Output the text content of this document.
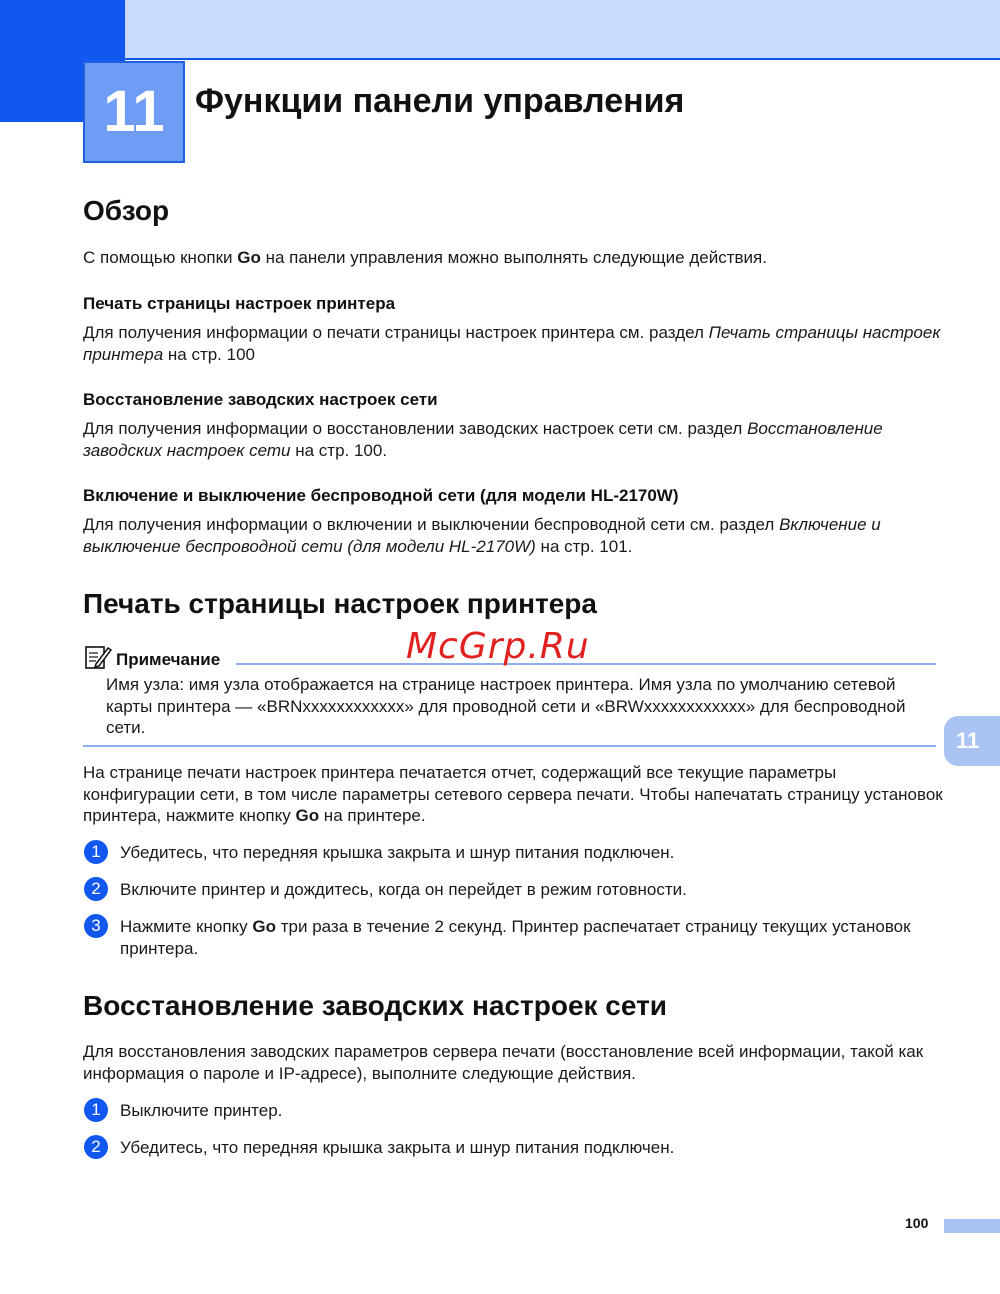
11 Функции панели управления
Обзор
С помощью кнопки Go на панели управления можно выполнять следующие действия.
Печать страницы настроек принтера
Для получения информации о печати страницы настроек принтера см. раздел Печать страницы настроек принтера на стр. 100
Восстановление заводских настроек сети
Для получения информации о восстановлении заводских настроек сети см. раздел Восстановление заводских настроек сети на стр. 100.
Включение и выключение беспроводной сети (для модели HL-2170W)
Для получения информации о включении и выключении беспроводной сети см. раздел Включение и выключение беспроводной сети (для модели HL-2170W) на стр. 101.
Печать страницы настроек принтера
Примечание	McGrp.Ru
Имя узла: имя узла отображается на странице настроек принтера. Имя узла по умолчанию сетевой карты принтера — «BRNxxxxxxxxxxxx» для проводной сети и «BRWxxxxxxxxxxxx» для беспроводной сети.
11
На странице печати настроек принтера печатается отчет, содержащий все текущие параметры конфигурации сети, в том числе параметры сетевого сервера печати. Чтобы напечатать страницу установок принтера, нажмите кнопку Go на принтере.
1	Убедитесь, что передняя крышка закрыта и шнур питания подключен.
2	Включите принтер и дождитесь, когда он перейдет в режим готовности.
3	Нажмите кнопку Go три раза в течение 2 секунд. Принтер распечатает страницу текущих установок принтера.
Восстановление заводских настроек сети
Для восстановления заводских параметров сервера печати (восстановление всей информации, такой как информация о пароле и IP-адресе), выполните следующие действия.
1	Выключите принтер.
2	Убедитесь, что передняя крышка закрыта и шнур питания подключен.
100
